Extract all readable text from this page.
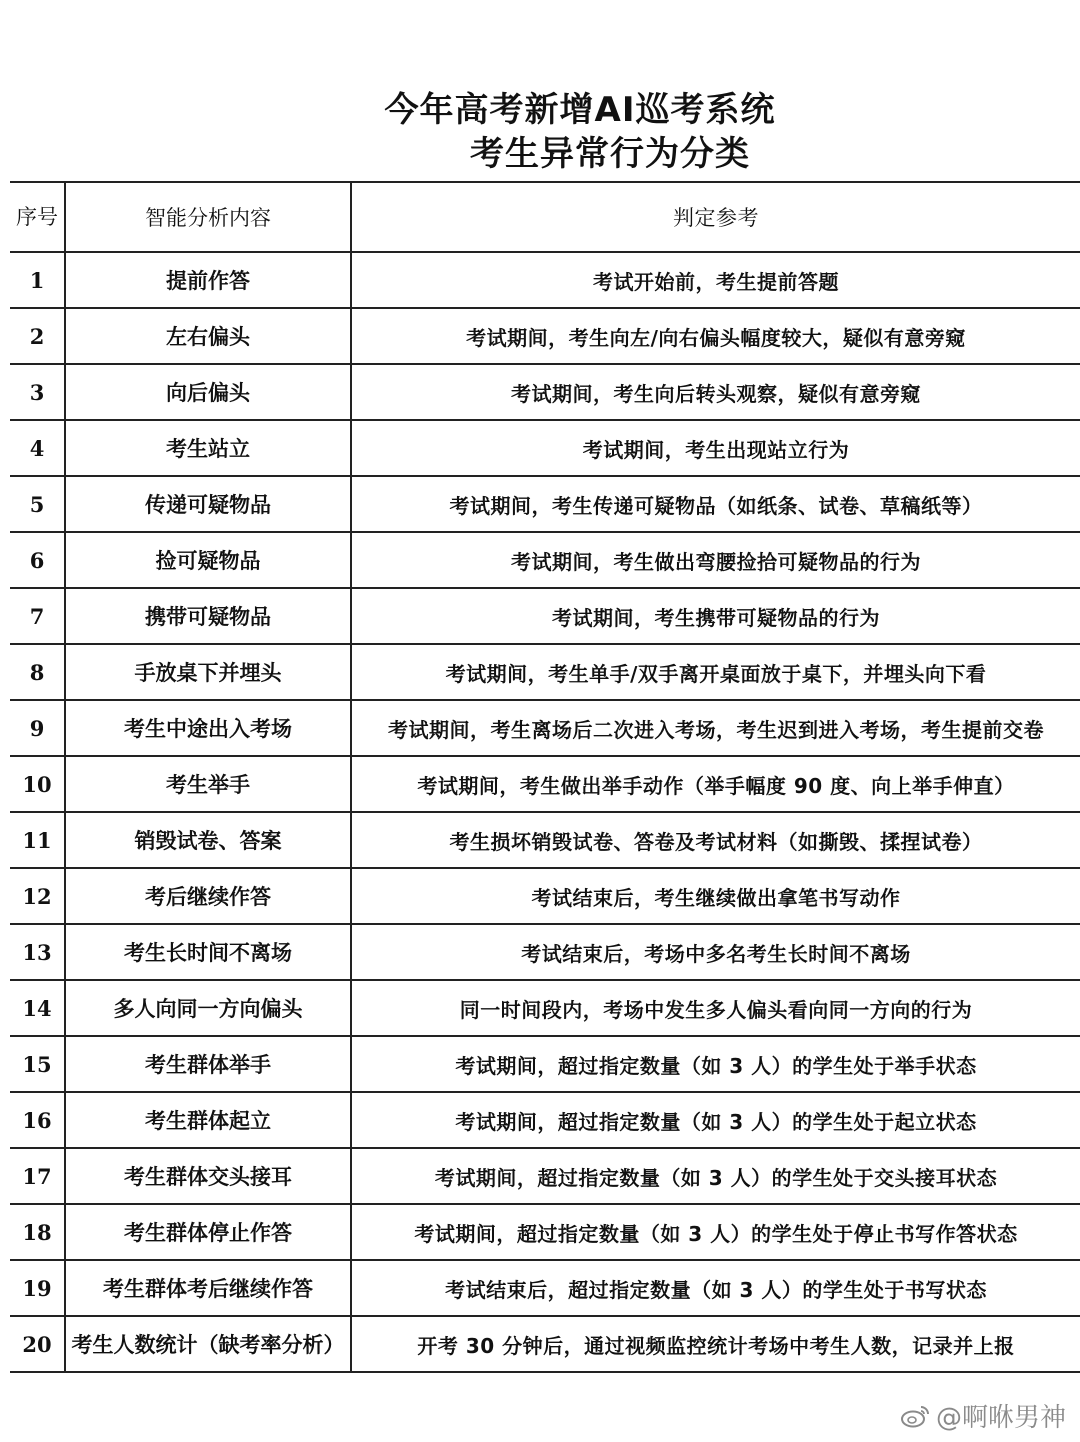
今年高考新增AI巡考系统
考生异常行为分类
序号	智能分析内容	判定参考
1	提前作答	考试开始前，考生提前答题
2	左右偏头	考试期间，考生向左/向右偏头幅度较大，疑似有意旁窥
3	向后偏头	考试期间，考生向后转头观察，疑似有意旁窥
4	考生站立	考试期间，考生出现站立行为
5	传递可疑物品	考试期间，考生传递可疑物品（如纸条、试卷、草稿纸等）
6	捡可疑物品	考试期间，考生做出弯腰捡拾可疑物品的行为
7	携带可疑物品	考试期间，考生携带可疑物品的行为
8	手放桌下并埋头	考试期间，考生单手/双手离开桌面放于桌下，并埋头向下看
9	考生中途出入考场	考试期间，考生离场后二次进入考场，考生迟到进入考场，考生提前交卷
10	考生举手	考试期间，考生做出举手动作（举手幅度 90 度、向上举手伸直）
11	销毁试卷、答案	考生损坏销毁试卷、答卷及考试材料（如撕毁、揉捏试卷）
12	考后继续作答	考试结束后，考生继续做出拿笔书写动作
13	考生长时间不离场	考试结束后，考场中多名考生长时间不离场
14	多人向同一方向偏头	同一时间段内，考场中发生多人偏头看向同一方向的行为
15	考生群体举手	考试期间，超过指定数量（如 3 人）的学生处于举手状态
16	考生群体起立	考试期间，超过指定数量（如 3 人）的学生处于起立状态
17	考生群体交头接耳	考试期间，超过指定数量（如 3 人）的学生处于交头接耳状态
18	考生群体停止作答	考试期间，超过指定数量（如 3 人）的学生处于停止书写作答状态
19	考生群体考后继续作答	考试结束后，超过指定数量（如 3 人）的学生处于书写状态
20	考生人数统计（缺考率分析）	开考 30 分钟后，通过视频监控统计考场中考生人数，记录并上报
@啊咻男神
